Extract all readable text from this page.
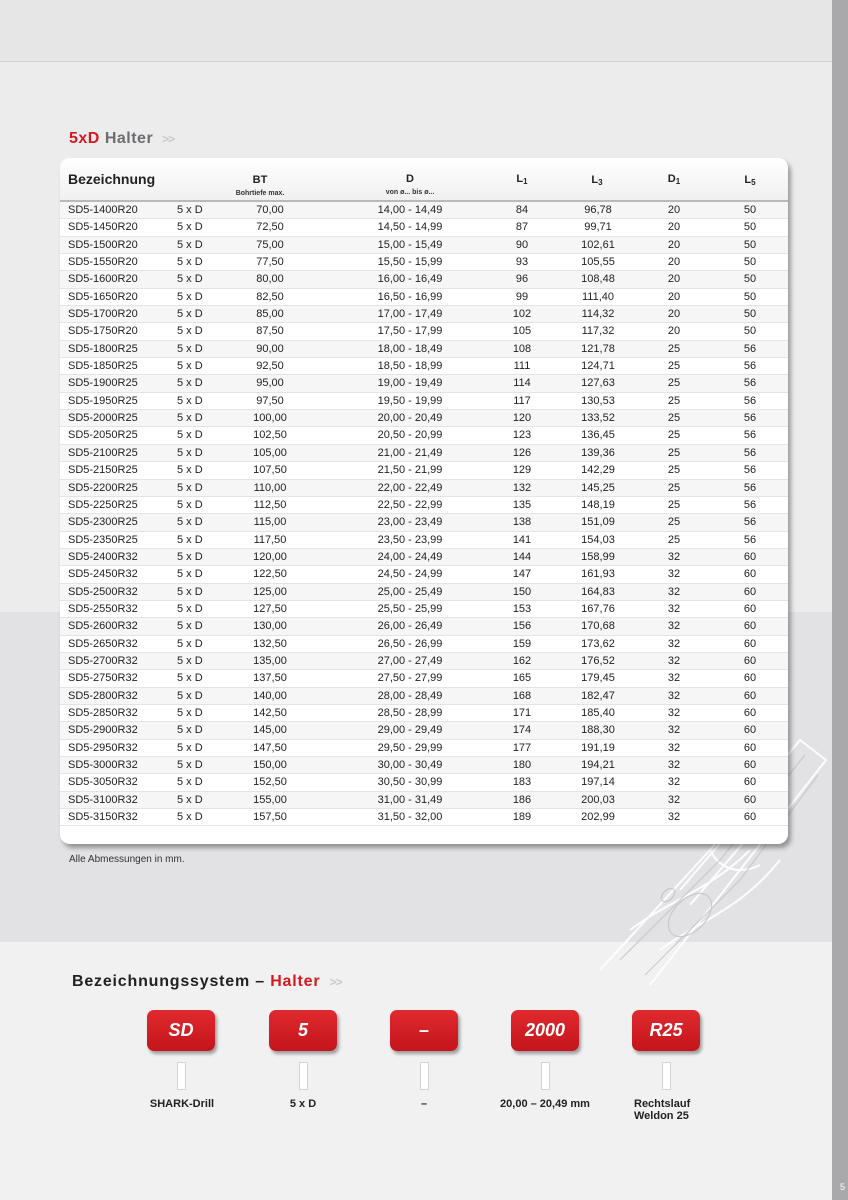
5
5xD Halter >>
Bezeichnung	BT
Bohrtiefe max.
D
von ø... bis ø...
$L_1$	$L_3$	$D_1$	$L_5$
SD5-1400R20	5 x D	70,00	14,00 - 14,49	84	96,78	20	50
SD5-1450R20	5 x D	72,50	14,50 - 14,99	87	99,71	20	50
SD5-1500R20	5 x D	75,00	15,00 - 15,49	90	102,61	20	50
SD5-1550R20	5 x D	77,50	15,50 - 15,99	93	105,55	20	50
SD5-1600R20	5 x D	80,00	16,00 - 16,49	96	108,48	20	50
SD5-1650R20	5 x D	82,50	16,50 - 16,99	99	111,40	20	50
SD5-1700R20	5 x D	85,00	17,00 - 17,49	102	114,32	20	50
SD5-1750R20	5 x D	87,50	17,50 - 17,99	105	117,32	20	50
SD5-1800R25	5 x D	90,00	18,00 - 18,49	108	121,78	25	56
SD5-1850R25	5 x D	92,50	18,50 - 18,99	111	124,71	25	56
SD5-1900R25	5 x D	95,00	19,00 - 19,49	114	127,63	25	56
SD5-1950R25	5 x D	97,50	19,50 - 19,99	117	130,53	25	56
SD5-2000R25	5 x D	100,00	20,00 - 20,49	120	133,52	25	56
SD5-2050R25	5 x D	102,50	20,50 - 20,99	123	136,45	25	56
SD5-2100R25	5 x D	105,00	21,00 - 21,49	126	139,36	25	56
SD5-2150R25	5 x D	107,50	21,50 - 21,99	129	142,29	25	56
SD5-2200R25	5 x D	110,00	22,00 - 22,49	132	145,25	25	56
SD5-2250R25	5 x D	112,50	22,50 - 22,99	135	148,19	25	56
SD5-2300R25	5 x D	115,00	23,00 - 23,49	138	151,09	25	56
SD5-2350R25	5 x D	117,50	23,50 - 23,99	141	154,03	25	56
SD5-2400R32	5 x D	120,00	24,00 - 24,49	144	158,99	32	60
SD5-2450R32	5 x D	122,50	24,50 - 24,99	147	161,93	32	60
SD5-2500R32	5 x D	125,00	25,00 - 25,49	150	164,83	32	60
SD5-2550R32	5 x D	127,50	25,50 - 25,99	153	167,76	32	60
SD5-2600R32	5 x D	130,00	26,00 - 26,49	156	170,68	32	60
SD5-2650R32	5 x D	132,50	26,50 - 26,99	159	173,62	32	60
SD5-2700R32	5 x D	135,00	27,00 - 27,49	162	176,52	32	60
SD5-2750R32	5 x D	137,50	27,50 - 27,99	165	179,45	32	60
SD5-2800R32	5 x D	140,00	28,00 - 28,49	168	182,47	32	60
SD5-2850R32	5 x D	142,50	28,50 - 28,99	171	185,40	32	60
SD5-2900R32	5 x D	145,00	29,00 - 29,49	174	188,30	32	60
SD5-2950R32	5 x D	147,50	29,50 - 29,99	177	191,19	32	60
SD5-3000R32	5 x D	150,00	30,00 - 30,49	180	194,21	32	60
SD5-3050R32	5 x D	152,50	30,50 - 30,99	183	197,14	32	60
SD5-3100R32	5 x D	155,00	31,00 - 31,49	186	200,03	32	60
SD5-3150R32	5 x D	157,50	31,50 - 32,00	189	202,99	32	60
Alle Abmessungen in mm.
Bezeichnungssystem – Halter >>
SD
SHARK-Drill
5
5 x D
–
–
2000
20,00 – 20,49 mm
R25
Rechtslauf
Weldon 25
